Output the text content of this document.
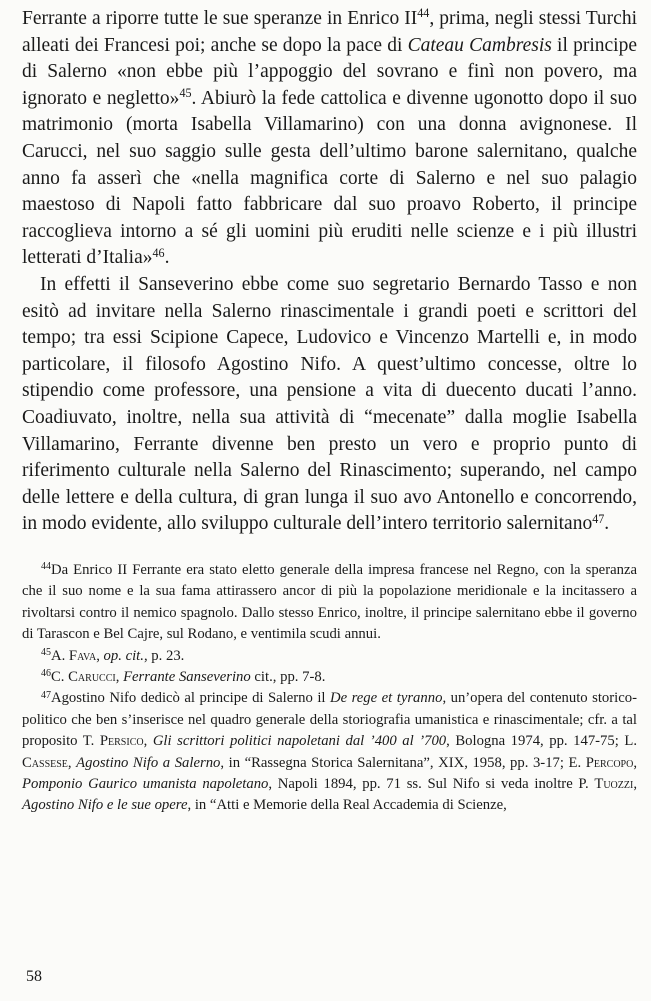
Ferrante a riporre tutte le sue speranze in Enrico II$^{44}$, prima, negli stessi Turchi alleati dei Francesi poi; anche se dopo la pace di Cateau Cambresis il principe di Salerno «non ebbe più l’appoggio del sovrano e finì non povero, ma ignorato e negletto»$^{45}$. Abiurò la fede cattolica e divenne ugonotto dopo il suo matrimonio (morta Isabella Villamarino) con una donna avignonese. Il Carucci, nel suo saggio sulle gesta dell’ultimo barone salernitano, qualche anno fa asserì che «nella magnifica corte di Salerno e nel suo palagio maestoso di Napoli fatto fabbricare dal suo proavo Roberto, il principe raccoglieva intorno a sé gli uomini più eruditi nelle scienze e i più illustri letterati d’Italia»$^{46}$.

In effetti il Sanseverino ebbe come suo segretario Bernardo Tasso e non esitò ad invitare nella Salerno rinascimentale i grandi poeti e scrittori del tempo; tra essi Scipione Capece, Ludovico e Vincenzo Martelli e, in modo particolare, il filosofo Agostino Nifo. A quest’ultimo concesse, oltre lo stipendio come professore, una pensione a vita di duecento ducati l’anno. Coadiuvato, inoltre, nella sua attività di “mecenate” dalla moglie Isabella Villamarino, Ferrante divenne ben presto un vero e proprio punto di riferimento culturale nella Salerno del Rinascimento; superando, nel campo delle lettere e della cultura, di gran lunga il suo avo Antonello e concorrendo, in modo evidente, allo sviluppo culturale dell’intero territorio salernitano$^{47}$.

$^{44}$Da Enrico II Ferrante era stato eletto generale della impresa francese nel Regno, con la speranza che il suo nome e la sua fama attirassero ancor di più la popolazione meridionale e la incitassero a rivoltarsi contro il nemico spagnolo. Dallo stesso Enrico, inoltre, il principe salernitano ebbe il governo di Tarascon e Bel Cajre, sul Rodano, e ventimila scudi annui.

$^{45}$A. Fava, op. cit., p. 23.

$^{46}$C. Carucci, Ferrante Sanseverino cit., pp. 7-8.

$^{47}$Agostino Nifo dedicò al principe di Salerno il De rege et tyranno, un’opera del contenuto storico-politico che ben s’inserisce nel quadro generale della storiografia umanistica e rinascimentale; cfr. a tal proposito T. Persico, Gli scrittori politici napoletani dal ’400 al ’700, Bologna 1974, pp. 147-75; L. Cassese, Agostino Nifo a Salerno, in “Rassegna Storica Salernitana”, XIX, 1958, pp. 3-17; E. Percopo, Pomponio Gaurico umanista napoletano, Napoli 1894, pp. 71 ss. Sul Nifo si veda inoltre P. Tuozzi, Agostino Nifo e le sue opere, in “Atti e Memorie della Real Accademia di Scienze,

58
